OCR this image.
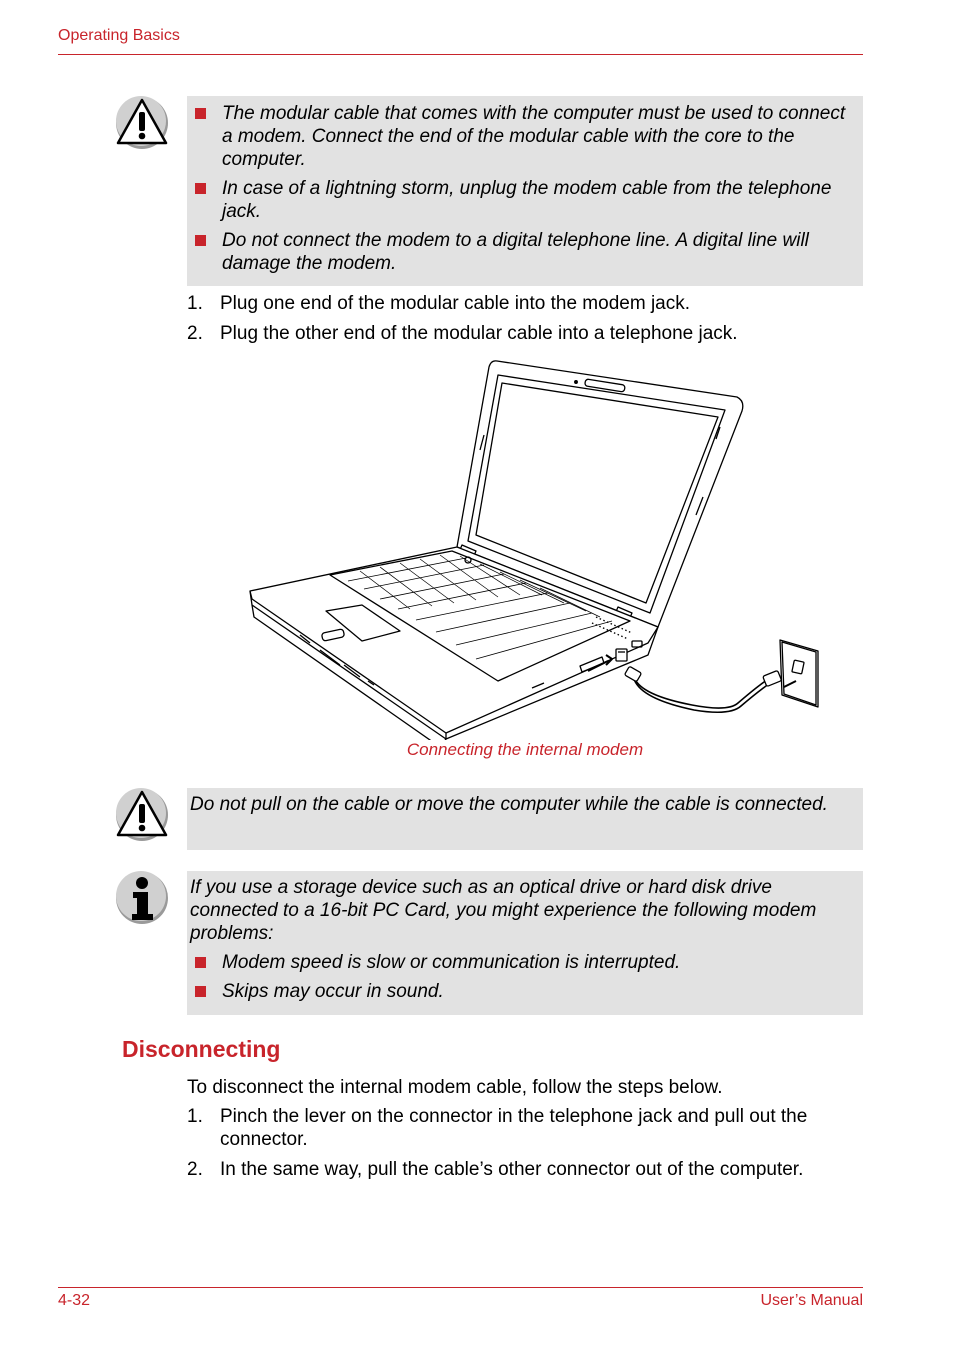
Operating Basics
The modular cable that comes with the computer must be used to connect a modem. Connect the end of the modular cable with the core to the computer.
In case of a lightning storm, unplug the modem cable from the telephone jack.
Do not connect the modem to a digital telephone line. A digital line will damage the modem.
1. Plug one end of the modular cable into the modem jack.
2. Plug the other end of the modular cable into a telephone jack.
Connecting the internal modem
Do not pull on the cable or move the computer while the cable is connected.
If you use a storage device such as an optical drive or hard disk drive connected to a 16-bit PC Card, you might experience the following modem problems:
Modem speed is slow or communication is interrupted.
Skips may occur in sound.
Disconnecting
To disconnect the internal modem cable, follow the steps below.
1. Pinch the lever on the connector in the telephone jack and pull out the connector.
2. In the same way, pull the cable’s other connector out of the computer.
4-32	User’s Manual
